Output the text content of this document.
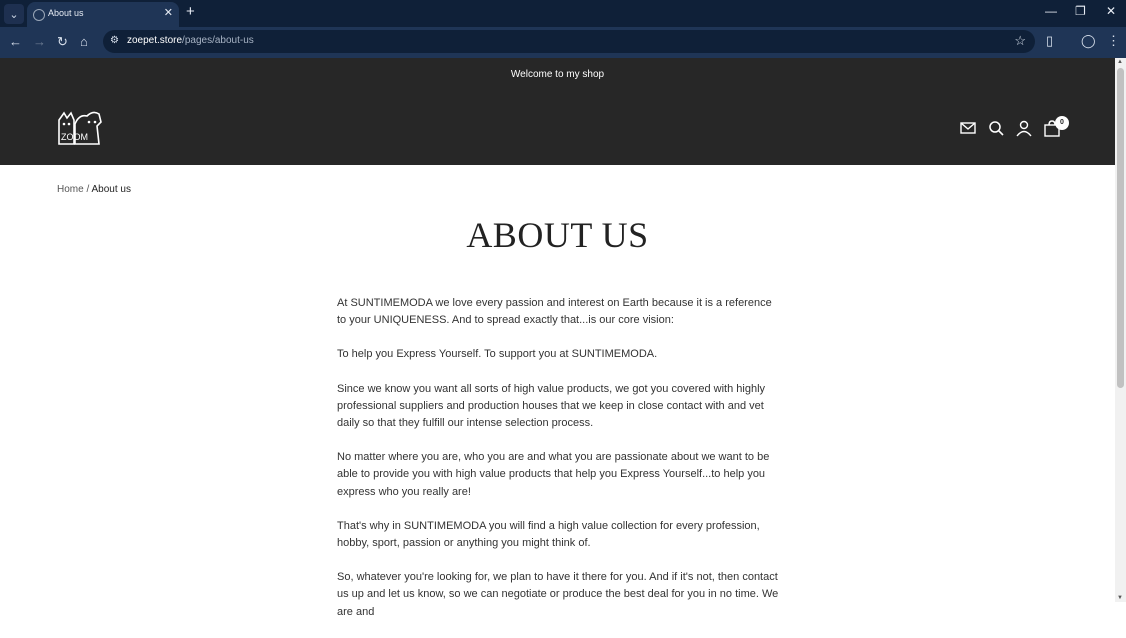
⌄	About us	✕ +	— ❐ ✕
← → ↻ ⌂ ⚙ zoepet.store/pages/about-us	☆ ▯ ◯ ⋮
Welcome to my shop
ZOOM
0
Home / About us
ABOUT US

At SUNTIMEMODA we love every passion and interest on Earth because it is a reference to your UNIQUENESS. And to spread exactly that...is our core vision:

To help you Express Yourself. To support you at SUNTIMEMODA.

Since we know you want all sorts of high value products, we got you covered with highly professional suppliers and production houses that we keep in close contact with and vet daily so that they fulfill our intense selection process.

No matter where you are, who you are and what you are passionate about we want to be able to provide you with high value products that help you Express Yourself...to help you express who you really are!

That's why in SUNTIMEMODA you will find a high value collection for every profession, hobby, sport, passion or anything you might think of.

So, whatever you're looking for, we plan to have it there for you. And if it's not, then contact us up and let us know, so we can negotiate or produce the best deal for you in no time. We are and

▲
▼
